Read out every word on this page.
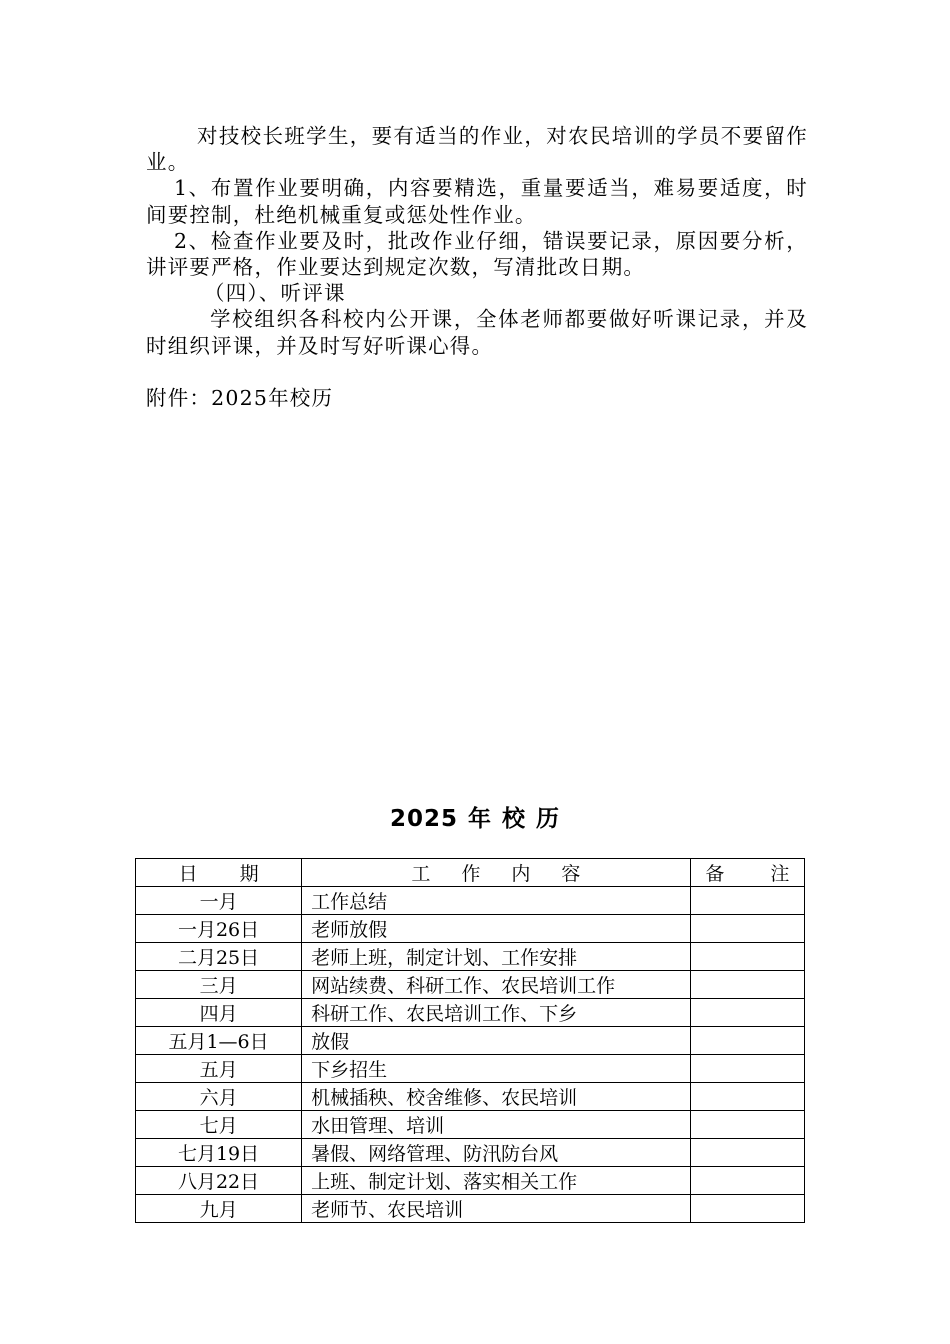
对技校长班学生，要有适当的作业，对农民培训的学员不要留作业。

1、布置作业要明确，内容要精选，重量要适当，难易要适度，时间要控制，杜绝机械重复或惩处性作业。

2、检查作业要及时，批改作业仔细，错误要记录，原因要分析，讲评要严格，作业要达到规定次数，写清批改日期。

（四）、听评课

学校组织各科校内公开课，全体老师都要做好听课记录，并及时组织评课，并及时写好听课心得。

附件：2025年校历

2025 年 校 历
日期	工作内容	备注
一月	工作总结	
一月26日	老师放假	
二月25日	老师上班，制定计划、工作安排	
三月	网站续费、科研工作、农民培训工作	
四月	科研工作、农民培训工作、下乡	
五月1—6日	放假	
五月	下乡招生	
六月	机械插秧、校舍维修、农民培训	
七月	水田管理、培训	
七月19日	暑假、网络管理、防汛防台风	
八月22日	上班、制定计划、落实相关工作	
九月	老师节、农民培训	
